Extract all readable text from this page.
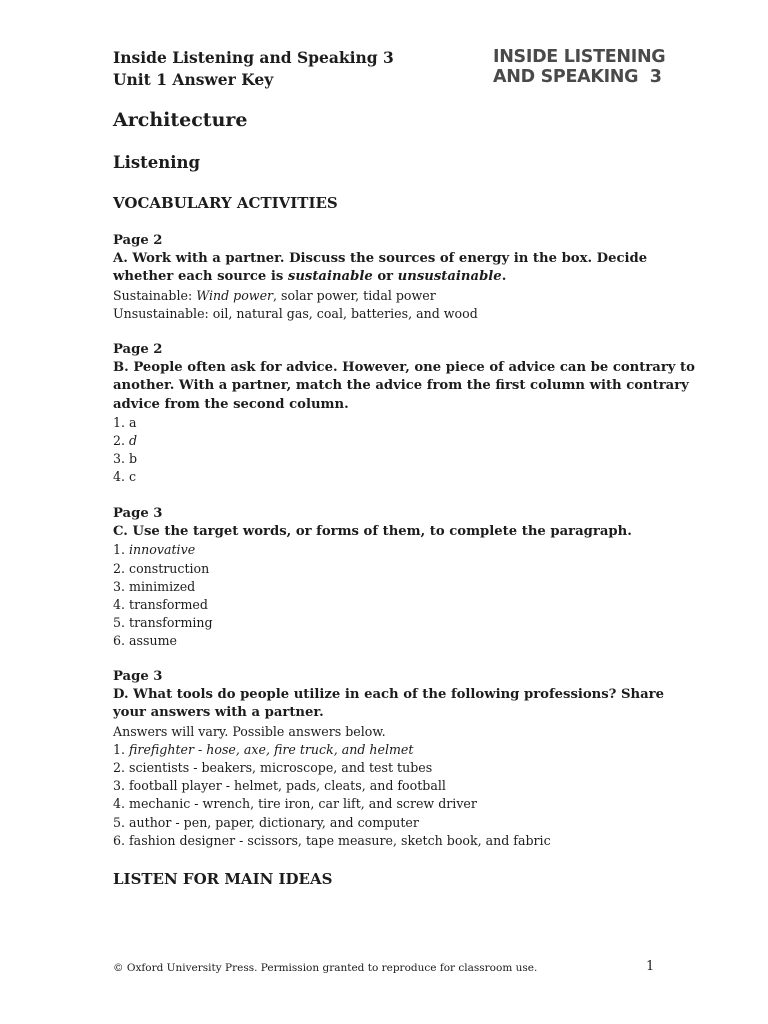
Inside Listening and Speaking 3
Unit 1 Answer Key
INSIDE LISTENING
AND SPEAKING  3
Architecture
Listening
VOCABULARY ACTIVITIES
Page 2
A. Work with a partner. Discuss the sources of energy in the box. Decide
whether each source is sustainable or unsustainable.
Sustainable: Wind power, solar power, tidal power
Unsustainable: oil, natural gas, coal, batteries, and wood
Page 2
B. People often ask for advice. However, one piece of advice can be contrary to
another. With a partner, match the advice from the first column with contrary
advice from the second column.
1. a
2. d
3. b
4. c
Page 3
C. Use the target words, or forms of them, to complete the paragraph.
1. innovative
2. construction
3. minimized
4. transformed
5. transforming
6. assume
Page 3
D. What tools do people utilize in each of the following professions? Share
your answers with a partner.
Answers will vary. Possible answers below.
1. firefighter - hose, axe, fire truck, and helmet
2. scientists - beakers, microscope, and test tubes
3. football player - helmet, pads, cleats, and football
4. mechanic - wrench, tire iron, car lift, and screw driver
5. author - pen, paper, dictionary, and computer
6. fashion designer - scissors, tape measure, sketch book, and fabric
LISTEN FOR MAIN IDEAS
© Oxford University Press. Permission granted to reproduce for classroom use.	1
